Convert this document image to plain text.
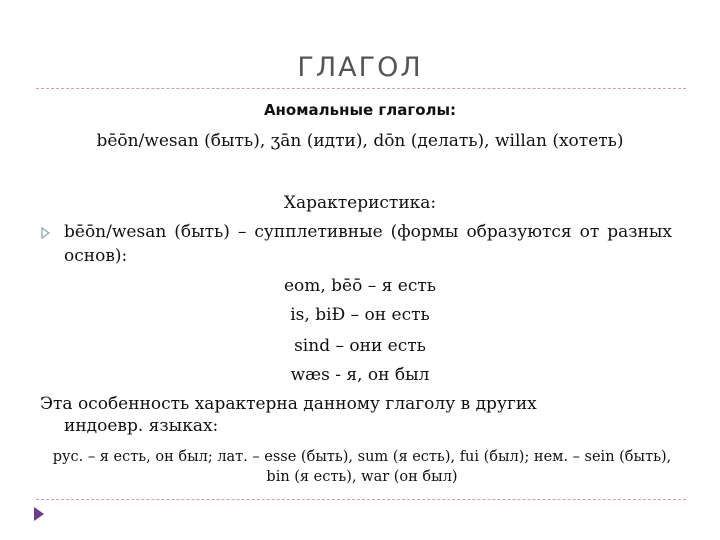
ГЛАГОЛ
Аномальные глаголы:
bēōn/wesan (быть), ʒān (идти), dōn (делать), willan (хотеть)
Характеристика:
bēōn/wesan (быть) – супплетивные (формы образуются от разных основ):
eom, bēō – я есть
is, biÐ – он есть
sind – они есть
wæs - я, он был
Эта особенность характерна данному глаголу в других
индоевр. языках:
рус. – я есть, он был; лат. – esse (быть), sum (я есть), fui (был); нем. – sein (быть), bin (я есть), war (он был)
